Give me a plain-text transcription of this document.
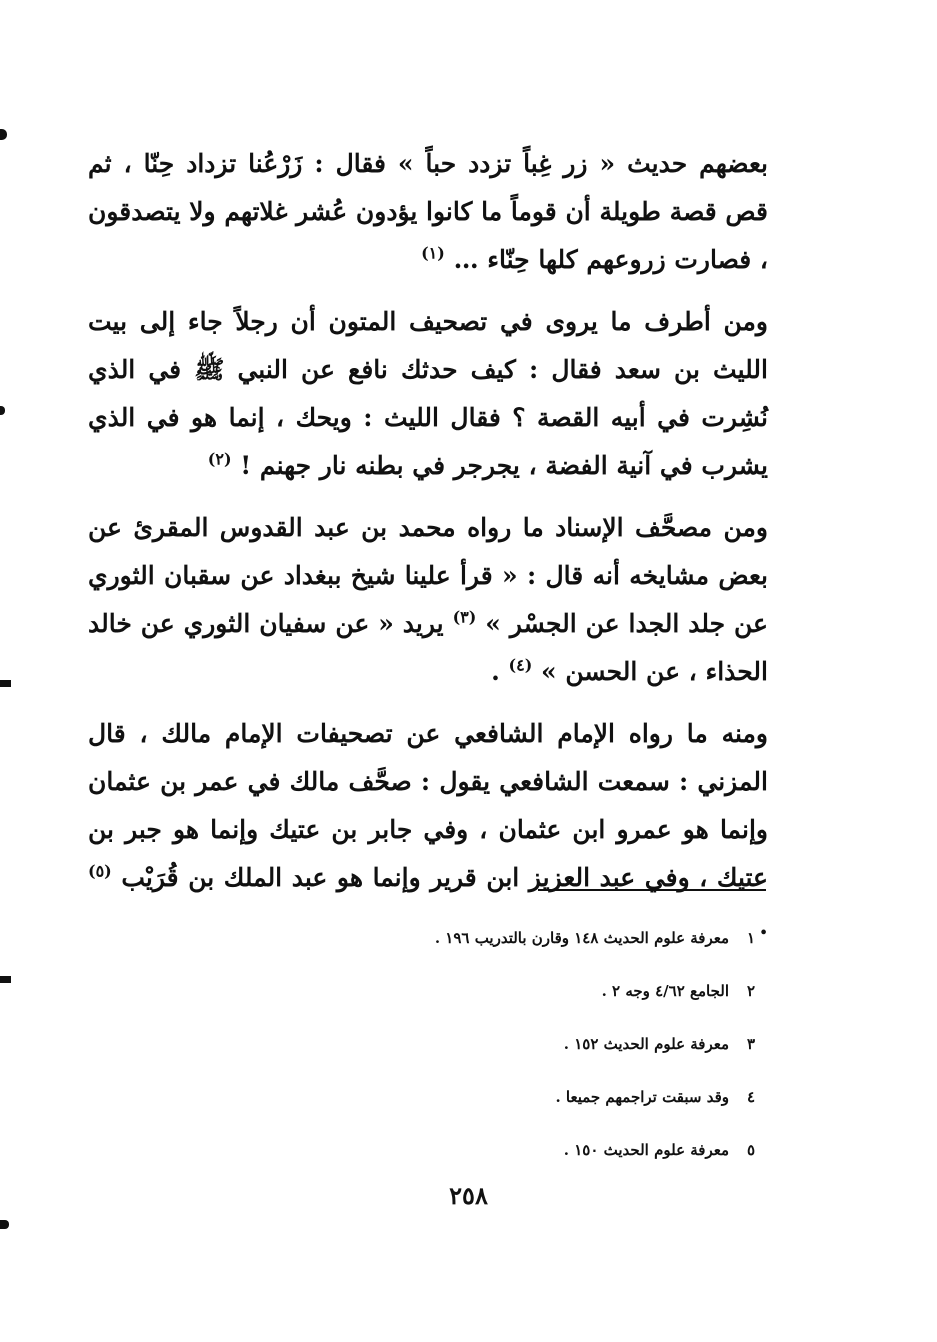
بعضهم حديث « زر غِباً تزدد حباً » فقال : زَرْعُنا تزداد حِنّا ، ثم قص قصة طويلة أن قوماً ما كانوا يؤدون عُشر غلاتهم ولا يتصدقون ، فصارت زروعهم كلها حِنّاء … $^{(١)}$

ومن أطرف ما يروى في تصحيف المتون أن رجلاً جاء إلى بيت الليث بن سعد فقال : كيف حدثك نافع عن النبي ﷺ في الذي نُشِرت في أبيه القصة ؟ فقال الليث : ويحك ، إنما هو في الذي يشرب في آنية الفضة ، يجرجر في بطنه نار جهنم ! $^{(٢)}$

ومن مصحَّف الإسناد ما رواه محمد بن عبد القدوس المقرئ عن بعض مشايخه أنه قال : « قرأ علينا شيخ ببغداد عن سقبان الثوري عن جلد الجدا عن الجسْر » $^{(٣)}$ يريد « عن سفيان الثوري عن خالد الحذاء ، عن الحسن » $^{(٤)}$ .

ومنه ما رواه الإمام الشافعي عن تصحيفات الإمام مالك ، قال المزني : سمعت الشافعي يقول : صحَّف مالك في عمر بن عثمان وإنما هو عمرو ابن عثمان ، وفي جابر بن عتيك وإنما هو جبر بن عتيك ، وفي عبد العزيز ابن قرير وإنما هو عبد الملك بن قُرَيْب $^{(٥)}$ .

١معرفة علوم الحديث ١٤٨ وقارن بالتدريب ١٩٦ .
٢الجامع ٤/٦٢ وجه ٢ .
٣معرفة علوم الحديث ١٥٢ .
٤وقد سبقت تراجمهم جميعا .
٥معرفة علوم الحديث ١٥٠ .
٢٥٨
